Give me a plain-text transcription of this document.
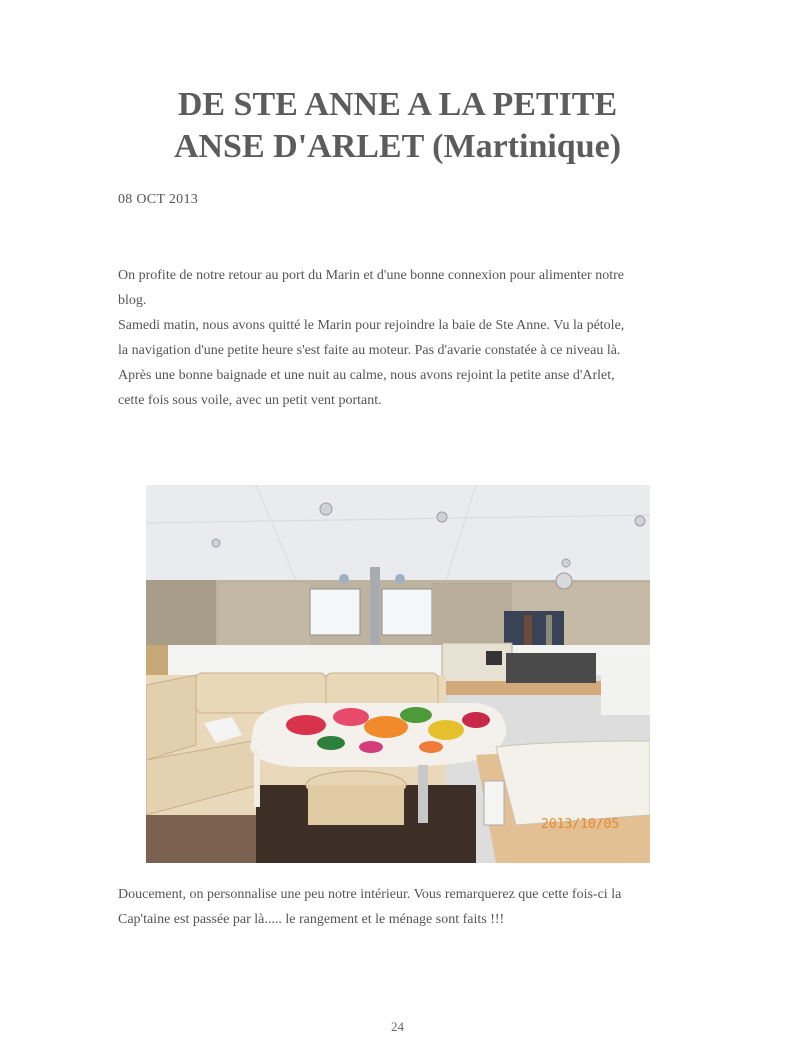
DE STE ANNE A LA PETITE
ANSE D'ARLET (Martinique)
08 OCT 2013
On profite de notre retour au port du Marin et d'une bonne connexion pour alimenter notre
blog.
Samedi matin, nous avons quitté le Marin pour rejoindre la baie de Ste Anne. Vu la pétole,
la navigation d'une petite heure s'est faite au moteur. Pas d'avarie constatée à ce niveau là.
Après une bonne baignade et une nuit au calme, nous avons rejoint la petite anse d'Arlet,
cette fois sous voile, avec un petit vent portant.
2013/10/05
Doucement, on personnalise une peu notre intérieur. Vous remarquerez que cette fois-ci la
Cap'taine est passée par là..... le rangement et le ménage sont faits !!!
24
